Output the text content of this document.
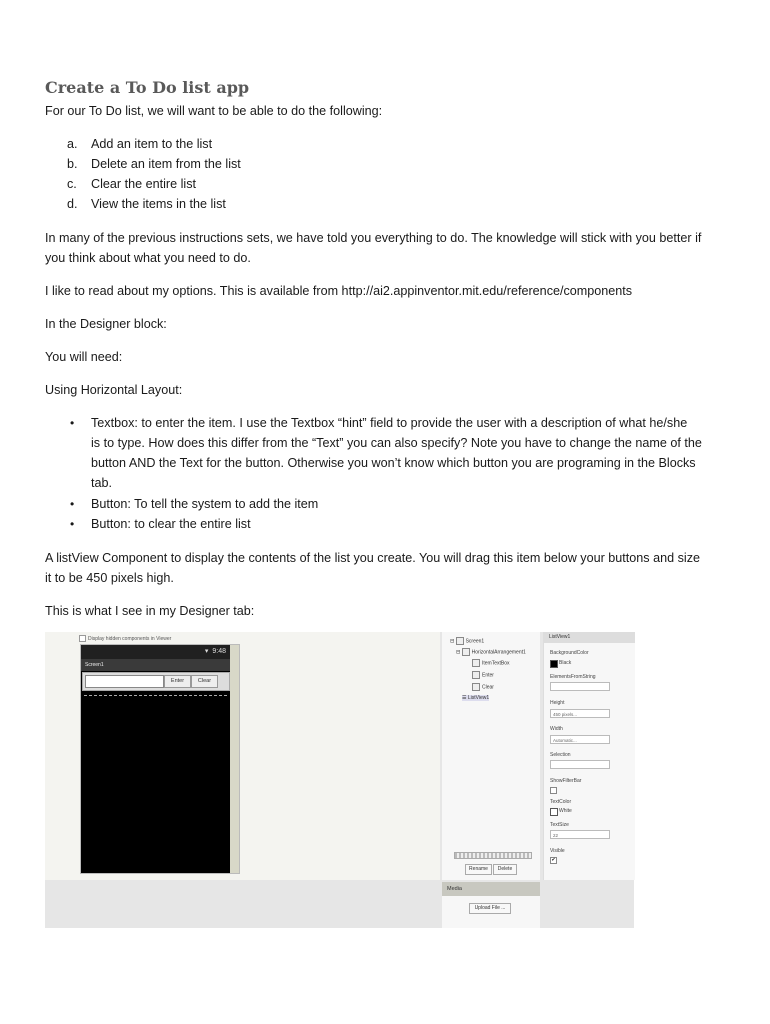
Create a To Do list app

For our To Do list, we will want to be able to do the following:

a. Add an item to the list
b. Delete an item from the list
c. Clear the entire list
d. View the items in the list

In many of the previous instructions sets, we have told you everything to do. The knowledge will stick with you better if

you think about what you need to do.

I like to read about my options. This is available from http://ai2.appinventor.mit.edu/reference/components

In the Designer block:

You will need:

Using Horizontal Layout:

• Textbox: to enter the item. I use the Textbox “hint” field to provide the user with a description of what he/she
is to type. How does this differ from the “Text” you can also specify? Note you have to change the name of the
button AND the Text for the button. Otherwise you won’t know which button you are programing in the Blocks
tab.
• Button: To tell the system to add the item
• Button: to clear the entire list

A listView Component to display the contents of the list you create. You will drag this item below your buttons and size

it to be 450 pixels high.

This is what I see in my Designer tab:

Display hidden components in Viewer
▾ 9:48
Screen1
Enter	Clear
⊟ Screen1
⊟ HorizontalArrangement1
ItemTextBox
Enter
Clear
☰ ListView1
Rename	Delete
Media
Upload File ...
ListView1
BackgroundColor
Black
ElementsFromString
Height
450 pixels...
Width
Automatic...
Selection
ShowFilterBar
TextColor
White
TextSize
22
Visible
✔
